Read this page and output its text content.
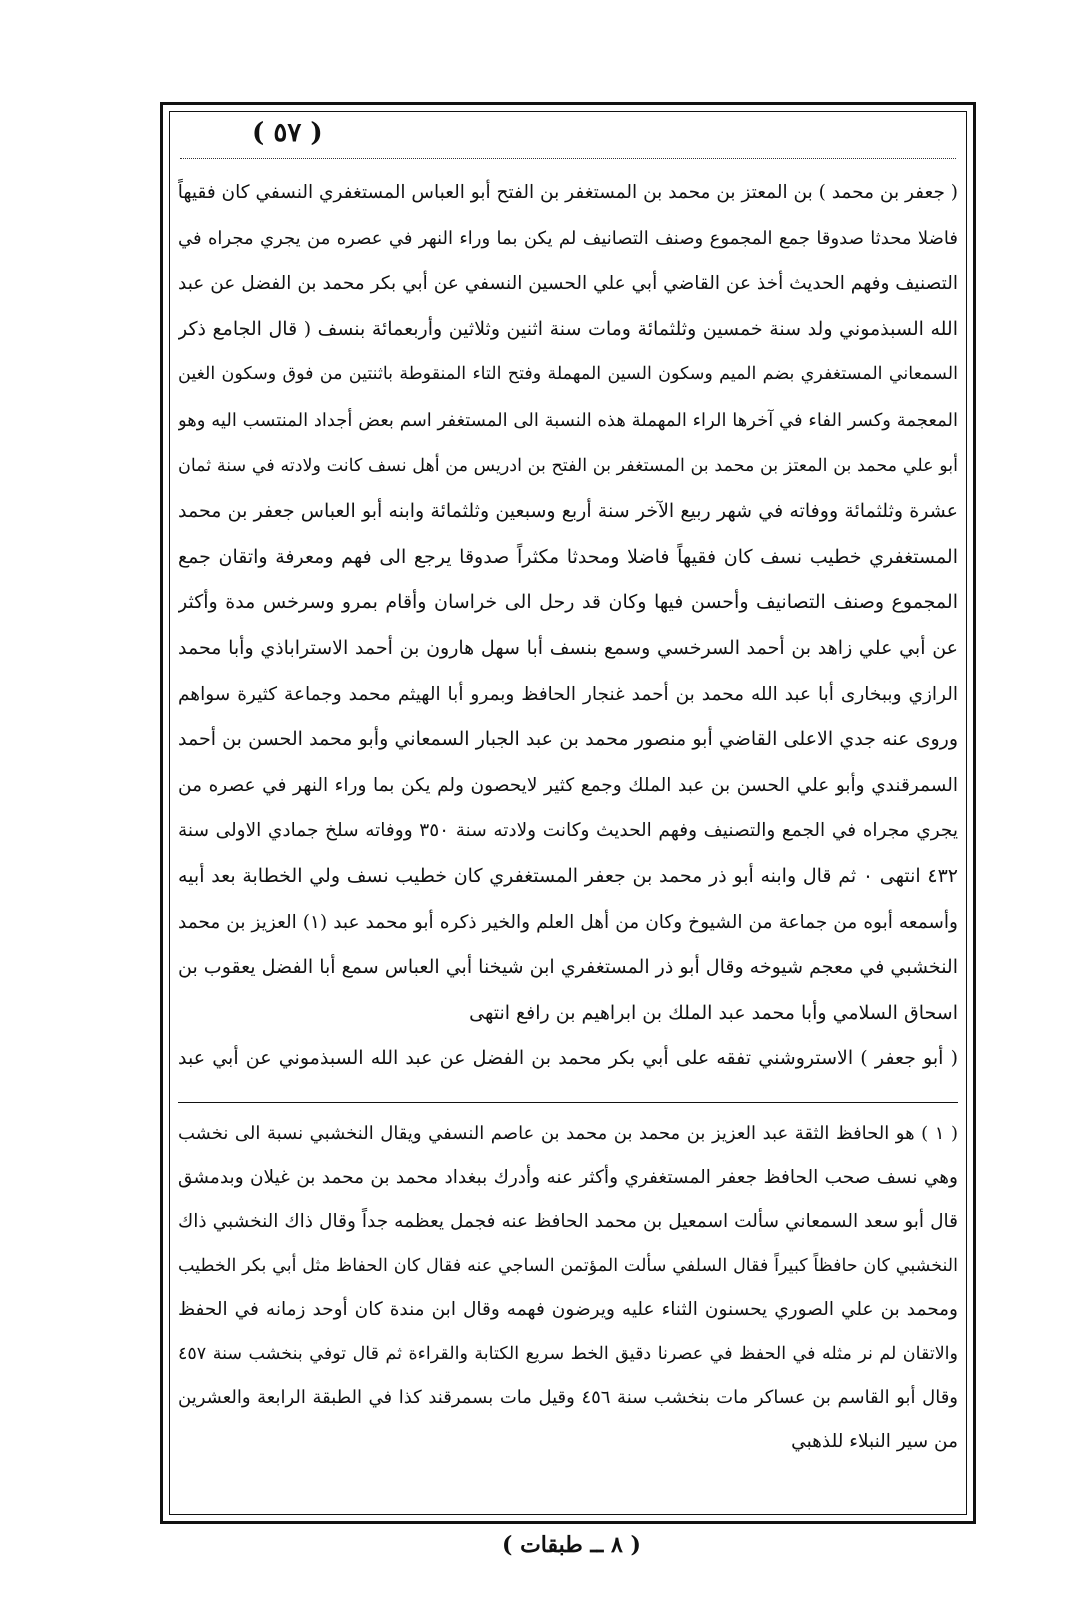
( ٥٧ )
( جعفر بن محمد ) بن المعتز بن محمد بن المستغفر بن الفتح أبو العباس المستغفري النسفي كان فقيهاً
فاضلا محدثا صدوقا جمع المجموع وصنف التصانيف لم يكن بما وراء النهر في عصره من يجري مجراه في
التصنيف وفهم الحديث أخذ عن القاضي أبي علي الحسين النسفي عن أبي بكر محمد بن الفضل عن عبد
الله السبذموني ولد سنة خمسين وثلثمائة ومات سنة اثنين وثلاثين وأربعمائة بنسف ( قال الجامع ذكر
السمعاني المستغفري بضم الميم وسكون السين المهملة وفتح التاء المنقوطة باثنتين من فوق وسكون الغين
المعجمة وكسر الفاء في آخرها الراء المهملة هذه النسبة الى المستغفر اسم بعض أجداد المنتسب اليه وهو
أبو علي محمد بن المعتز بن محمد بن المستغفر بن الفتح بن ادريس من أهل نسف كانت ولادته في سنة ثمان
عشرة وثلثمائة ووفاته في شهر ربيع الآخر سنة أربع وسبعين وثلثمائة وابنه أبو العباس جعفر بن محمد
المستغفري خطيب نسف كان فقيهاً فاضلا ومحدثا مكثراً صدوقا يرجع الى فهم ومعرفة واتقان جمع
المجموع وصنف التصانيف وأحسن فيها وكان قد رحل الى خراسان وأقام بمرو وسرخس مدة وأكثر
عن أبي علي زاهد بن أحمد السرخسي وسمع بنسف أبا سهل هارون بن أحمد الاستراباذي وأبا محمد
الرازي وببخارى أبا عبد الله محمد بن أحمد غنجار الحافظ وبمرو أبا الهيثم محمد وجماعة كثيرة سواهم
وروى عنه جدي الاعلى القاضي أبو منصور محمد بن عبد الجبار السمعاني وأبو محمد الحسن بن أحمد
السمرقندي وأبو علي الحسن بن عبد الملك وجمع كثير لايحصون ولم يكن بما وراء النهر في عصره من
يجري مجراه في الجمع والتصنيف وفهم الحديث وكانت ولادته سنة ٣٥٠ ووفاته سلخ جمادي الاولى سنة
٤٣٢ انتهى ٠ ثم قال وابنه أبو ذر محمد بن جعفر المستغفري كان خطيب نسف ولي الخطابة بعد أبيه
وأسمعه أبوه من جماعة من الشيوخ وكان من أهل العلم والخير ذكره أبو محمد عبد (١) العزيز بن محمد
النخشبي في معجم شيوخه وقال أبو ذر المستغفري ابن شيخنا أبي العباس سمع أبا الفضل يعقوب بن
اسحاق السلامي وأبا محمد عبد الملك بن ابراهيم بن رافع انتهى
( أبو جعفر ) الاستروشني تفقه على أبي بكر محمد بن الفضل عن عبد الله السبذموني عن أبي عبد
( ١ ) هو الحافظ الثقة عبد العزيز بن محمد بن محمد بن عاصم النسفي ويقال النخشبي نسبة الى نخشب
وهي نسف صحب الحافظ جعفر المستغفري وأكثر عنه وأدرك ببغداد محمد بن محمد بن غيلان وبدمشق
قال أبو سعد السمعاني سألت اسمعيل بن محمد الحافظ عنه فجمل يعظمه جداً وقال ذاك النخشبي ذاك
النخشبي كان حافظاً كبيراً فقال السلفي سألت المؤتمن الساجي عنه فقال كان الحفاظ مثل أبي بكر الخطيب
ومحمد بن علي الصوري يحسنون الثناء عليه ويرضون فهمه وقال ابن مندة كان أوحد زمانه في الحفظ
والاتقان لم نر مثله في الحفظ في عصرنا دقيق الخط سريع الكتابة والقراءة ثم قال توفي بنخشب سنة ٤٥٧
وقال أبو القاسم بن عساكر مات بنخشب سنة ٤٥٦ وقيل مات بسمرقند كذا في الطبقة الرابعة والعشرين
من سير النبلاء للذهبي
( ٨ ــ طبقات )
